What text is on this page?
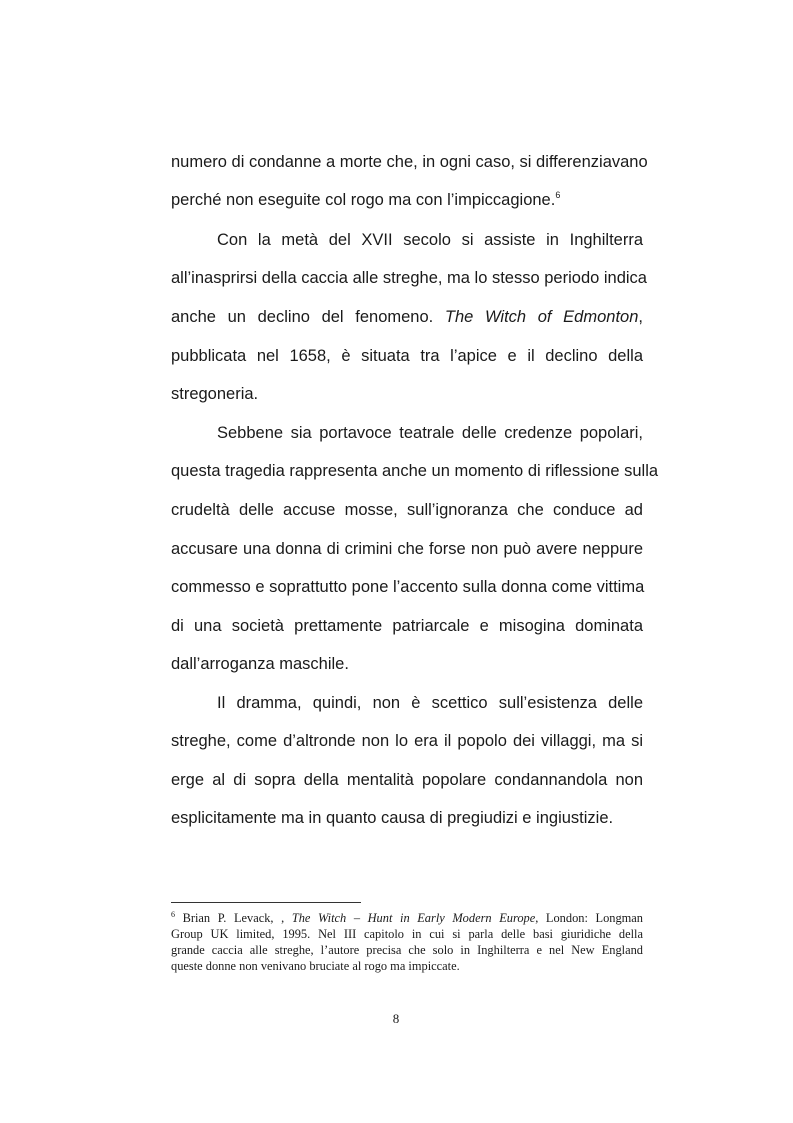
numero di condanne a morte che, in ogni caso, si differenziavano
perché non eseguite col rogo ma con l’impiccagione.$^6$
Con la metà del XVII secolo si assiste in Inghilterra
all’inasprirsi della caccia alle streghe, ma lo stesso periodo indica
anche un declino del fenomeno. The Witch of Edmonton,
pubblicata nel 1658, è situata tra l’apice e il declino della
stregoneria.
Sebbene sia portavoce teatrale delle credenze popolari,
questa tragedia rappresenta anche un momento di riflessione sulla
crudeltà delle accuse mosse, sull’ignoranza che conduce ad
accusare una donna di crimini che forse non può avere neppure
commesso e soprattutto pone l’accento sulla donna come vittima
di una società prettamente patriarcale e misogina dominata
dall’arroganza maschile.
Il dramma, quindi, non è scettico sull’esistenza delle
streghe, come d’altronde non lo era il popolo dei villaggi, ma si
erge al di sopra della mentalità popolare condannandola non
esplicitamente ma in quanto causa di pregiudizi e ingiustizie.
$^6$ Brian P. Levack, , The Witch – Hunt in Early Modern Europe, London: Longman
Group UK limited, 1995. Nel III capitolo in cui si parla delle basi giuridiche della
grande caccia alle streghe, l’autore precisa che solo in Inghilterra e nel New England
queste donne non venivano bruciate al rogo ma impiccate.
8
